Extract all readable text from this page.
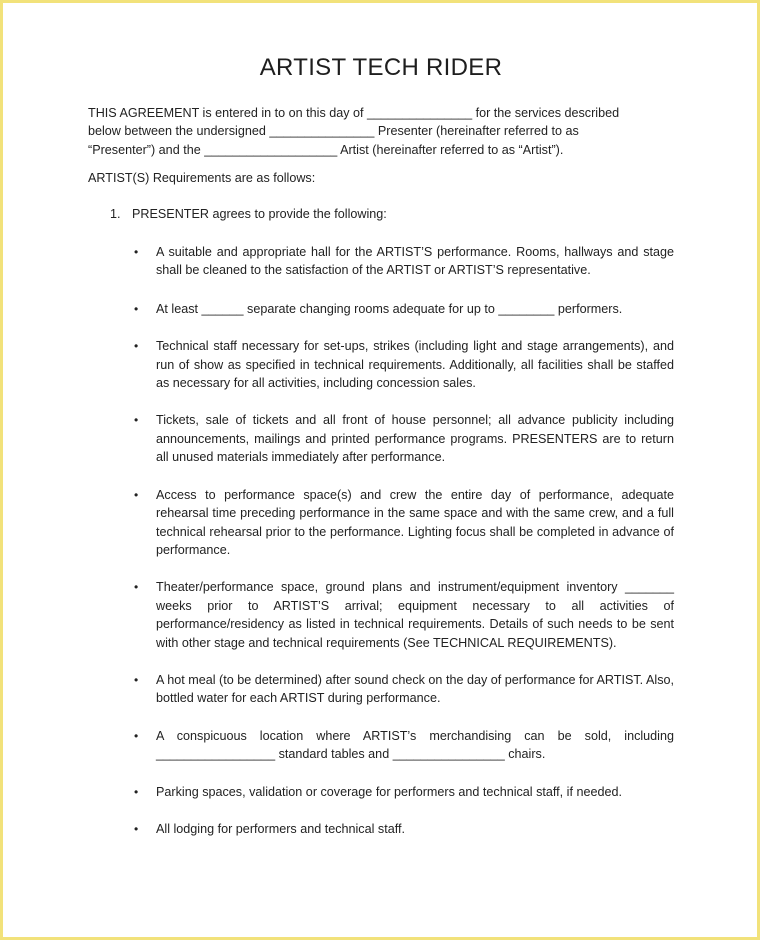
ARTIST TECH RIDER

THIS AGREEMENT is entered in to on this day of _______________ for the services described

below between the undersigned _______________ Presenter (hereinafter referred to as

“Presenter”) and the ___________________ Artist (hereinafter referred to as “Artist”).

ARTIST(S) Requirements are as follows:

1. PRESENTER agrees to provide the following:
• A suitable and appropriate hall for the ARTIST’S performance. Rooms, hallways and stage shall be cleaned to the satisfaction of the ARTIST or ARTIST’S representative.
• At least ______ separate changing rooms adequate for up to ________ performers.
• Technical staff necessary for set-ups, strikes (including light and stage arrangements), and run of show as specified in technical requirements. Additionally, all facilities shall be staffed as necessary for all activities, including concession sales.
• Tickets, sale of tickets and all front of house personnel; all advance publicity including announcements, mailings and printed performance programs. PRESENTERS are to return all unused materials immediately after performance.
• Access to performance space(s) and crew the entire day of performance, adequate rehearsal time preceding performance in the same space and with the same crew, and a full technical rehearsal prior to the performance. Lighting focus shall be completed in advance of performance.
• Theater/performance space, ground plans and instrument/equipment inventory _______ weeks prior to ARTIST’S arrival; equipment necessary to all activities of performance/residency as listed in technical requirements. Details of such needs to be sent with other stage and technical requirements (See TECHNICAL REQUIREMENTS).
• A hot meal (to be determined) after sound check on the day of performance for ARTIST. Also, bottled water for each ARTIST during performance.
• A conspicuous location where ARTIST’s merchandising can be sold, including _________________ standard tables and ________________ chairs.
• Parking spaces, validation or coverage for performers and technical staff, if needed.
• All lodging for performers and technical staff.
